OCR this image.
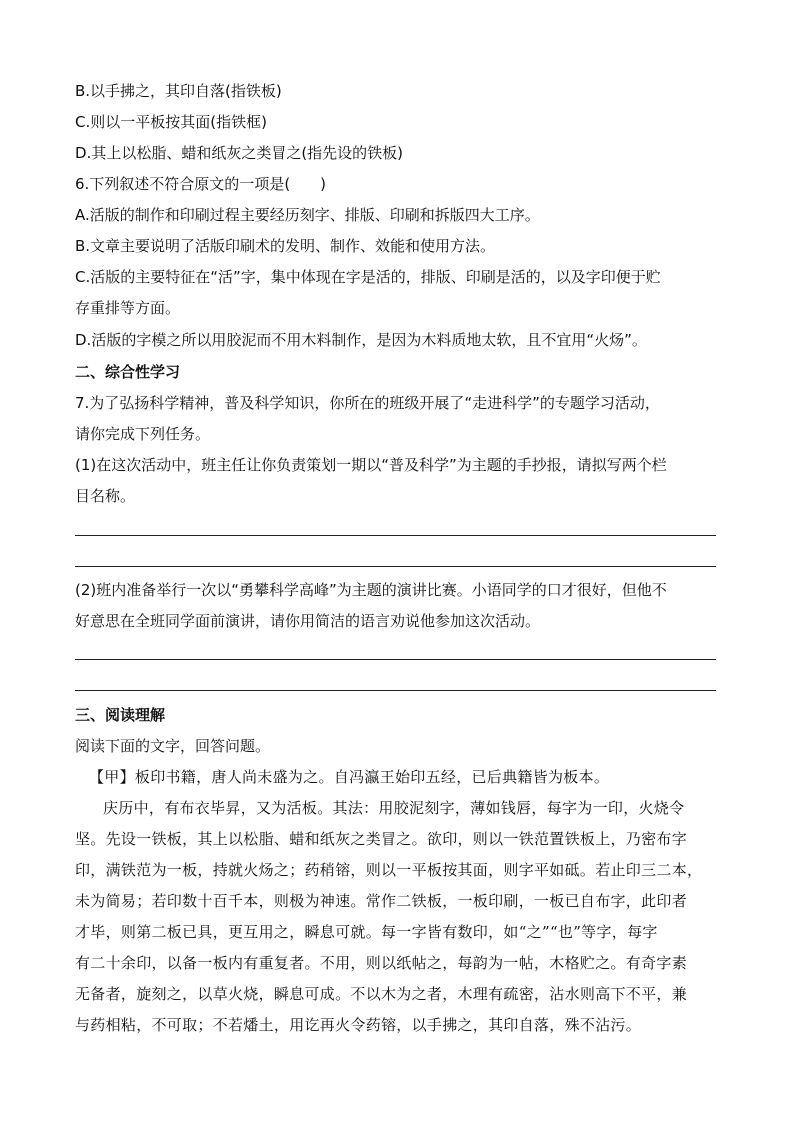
B.以手拂之，其印自落(指铁板)
C.则以一平板按其面(指铁框)
D.其上以松脂、蜡和纸灰之类冒之(指先设的铁板)
6.下列叙述不符合原文的一项是(　　)
A.活版的制作和印刷过程主要经历刻字、排版、印刷和拆版四大工序。
B.文章主要说明了活版印刷术的发明、制作、效能和使用方法。
C.活版的主要特征在“活”字，集中体现在字是活的，排版、印刷是活的，以及字印便于贮
存重排等方面。
D.活版的字模之所以用胶泥而不用木料制作，是因为木料质地太软，且不宜用“火炀”。
二、综合性学习
7.为了弘扬科学精神，普及科学知识，你所在的班级开展了“走进科学”的专题学习活动，
请你完成下列任务。
(1)在这次活动中，班主任让你负责策划一期以“普及科学”为主题的手抄报，请拟写两个栏
目名称。
(2)班内准备举行一次以“勇攀科学高峰”为主题的演讲比赛。小语同学的口才很好，但他不
好意思在全班同学面前演讲，请你用简洁的语言劝说他参加这次活动。
三、阅读理解
阅读下面的文字，回答问题。
【甲】板印书籍，唐人尚未盛为之。自冯瀛王始印五经，已后典籍皆为板本。
庆历中，有布衣毕昇，又为活板。其法：用胶泥刻字，薄如钱唇，每字为一印，火烧令
坚。先设一铁板，其上以松脂、蜡和纸灰之类冒之。欲印，则以一铁范置铁板上，乃密布字
印，满铁范为一板，持就火炀之；药稍镕，则以一平板按其面，则字平如砥。若止印三二本，
未为简易；若印数十百千本，则极为神速。常作二铁板，一板印刷，一板已自布字，此印者
才毕，则第二板已具，更互用之，瞬息可就。每一字皆有数印，如“之”“也”等字，每字
有二十余印，以备一板内有重复者。不用，则以纸帖之，每韵为一帖，木格贮之。有奇字素
无备者，旋刻之，以草火烧，瞬息可成。不以木为之者，木理有疏密，沾水则高下不平，兼
与药相粘，不可取；不若燔土，用讫再火令药镕，以手拂之，其印自落，殊不沾污。
